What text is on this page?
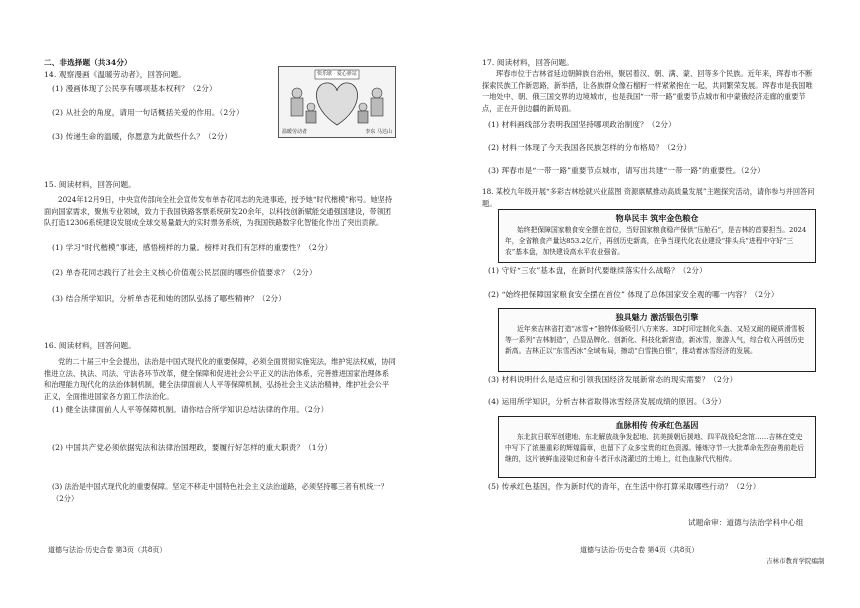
二、非选择题（共34分）
14. 观察漫画《温暖劳动者》，回答问题。
(1) 漫画体现了公民享有哪项基本权利？（2分）
(2) 从社会的角度，请用一句话概括关爱的作用。（2分）
(3) 传递生命的温暖，你愿意为此做些什么？（2分）
快乐歇 · 爱心驿站
温暖劳动者	李东 马达山
15. 阅读材料，回答问题。
2024年12月9日，中央宣传部向全社会宣传发布单杏花同志的先进事迹，授予她“时代楷模”称号。她坚持面向国家需求，聚焦专业领域，致力于我国铁路客票系统研发20余年，以科技创新赋能交通强国建设，带领团队打造12306系统建设发展成全球交易量最大的实时票务系统，为我国铁路数字化智能化作出了突出贡献。
(1) 学习“时代楷模”事迹，感悟榜样的力量。榜样对我们有怎样的重要性？（2分）
(2) 单杏花同志践行了社会主义核心价值观公民层面的哪些价值要求？（2分）
(3) 结合所学知识，分析单杏花和她的团队弘扬了哪些精神？（2分）
16. 阅读材料，回答问题。
党的二十届三中全会提出，法治是中国式现代化的重要保障，必须全面贯彻实施宪法，维护宪法权威，协同推进立法、执法、司法、守法各环节改革，健全保障和促进社会公平正义的法治体系，完善推进国家治理体系和治理能力现代化的法治体制机制，健全法律面前人人平等保障机制，弘扬社会主义法治精神，维护社会公平正义，全面推进国家各方面工作法治化。
(1) 健全法律面前人人平等保障机制。请你结合所学知识总结法律的作用。（2分）
(2) 中国共产党必须依据宪法和法律治国理政，要履行好怎样的重大职责？（1分）
(3) 法治是中国式现代化的重要保障。坚定不移走中国特色社会主义法治道路，必须坚持哪三者有机统一？（2分）
道德与法治·历史合卷 第3页（共8页）
17. 阅读材料，回答问题。
珲春市位于吉林省延边朝鲜族自治州，聚居着汉、朝、满、蒙、回等多个民族。近年来，珲春市不断探索民族工作新思路，新举措，让各族群众像石榴籽一样紧紧抱在一起，共同繁荣发展。珲春市是我国唯一地处中、朝、俄三国交界的边境城市，也是我国“一带一路”重要节点城市和中蒙俄经济走廊的重要节点，正在开创边疆的新局面。
(1) 材料画线部分表明我国坚持哪项政治制度？（2分）
(2) 材料一体现了今天我国各民族怎样的分布格局？（2分）
(3) 珲春市是“一带一路”重要节点城市，请写出共建“一带一路”的重要性。（2分）
18. 某校九年级开展“多彩吉林绘就兴业蓝图 资源禀赋推动高质量发展”主题探究活动，请你参与并回答问题。
物阜民丰 筑牢金色粮仓
始终把保障国家粮食安全摆在首位，当好国家粮食稳产保供“压舱石”，是吉林的首要担当。2024年，全省粮食产量达853.2亿斤，再创历史新高，在争当现代化农业建设“排头兵”进程中守好“三农”基本盘，加快建设高水平农业强省。
(1) 守好“三农”基本盘，在新时代要继续落实什么战略？（2分）
(2) “始终把保障国家粮食安全摆在首位” 体现了总体国家安全观的哪一内容？（2分）
独具魅力 激活银色引擎
近年来吉林省打造“冰雪+”独特体验吸引八方来客。3D打印定制化头盔、又轻又耐的硬质滑雪板等一系列“吉林制造”，凸显品牌化、创新化、科技化新营造，新冰雪，旅游人气，综合收入再创历史新高。吉林正以“东雪西冰”全域布局，擦动“白雪换白银”，推动着冰雪经济的发展。
(3) 材料说明什么是适应和引领我国经济发展新常态的现实需要？（2分）
(4) 运用所学知识，分析吉林省取得冰雪经济发展成绩的原因。（3分）
血脉相传 传承红色基因
东北抗日联军创建地、东北解放战争发起地、抗美援朝后援地、四平战役纪念馆……吉林在党史中写下了浓墨重彩的辉煌篇章，也留下了众多宝贵的红色资源。锤炼守节一大批革命先烈奋勇前赴后继的，这片被鲜血浸染过和奋斗者汗水浇灌过的土地上，红色血脉代代相传。
(5) 传承红色基因，作为新时代的青年，在生活中你打算采取哪些行动？（2分）
试题命审：道德与法治学科中心组
道德与法治·历史合卷 第4页（共8页）
吉林市教育学院编制
